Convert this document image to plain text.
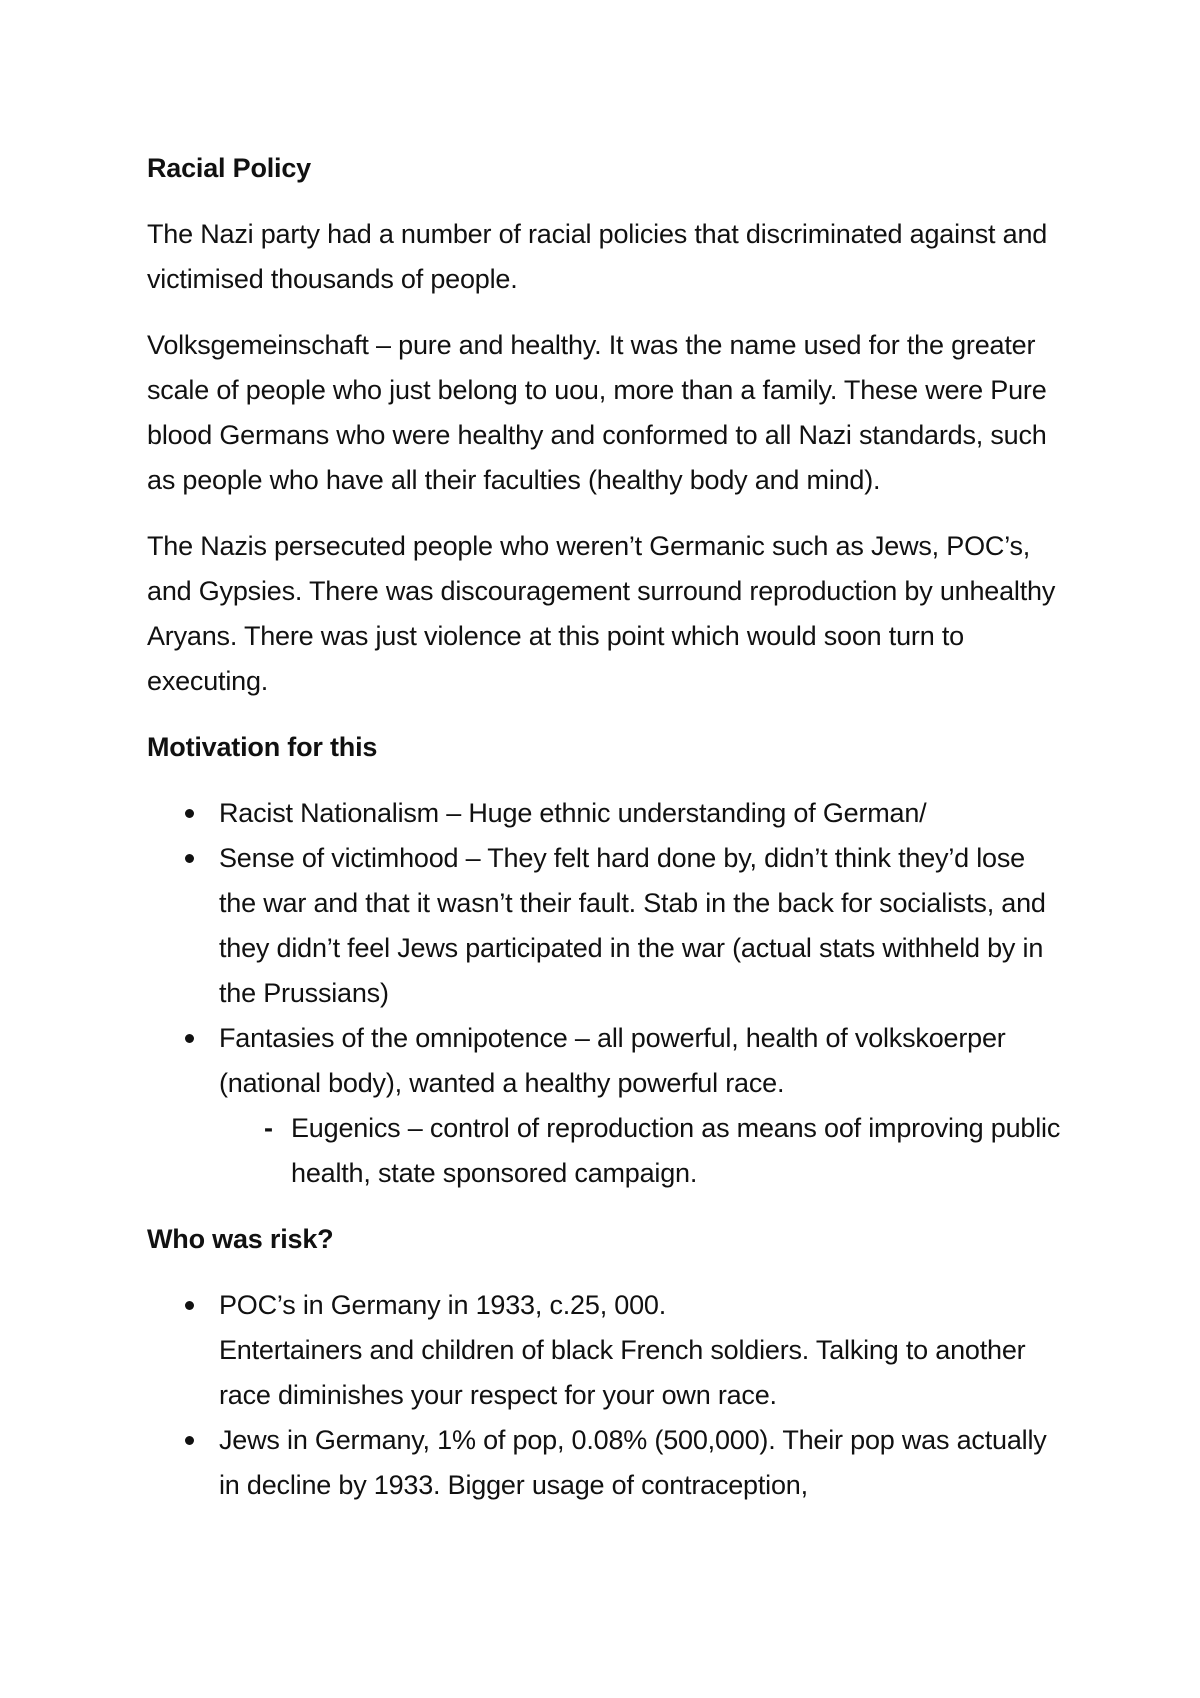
Racial Policy

The Nazi party had a number of racial policies that discriminated against and victimised thousands of people.

Volksgemeinschaft – pure and healthy. It was the name used for the greater scale of people who just belong to uou, more than a family. These were Pure blood Germans who were healthy and conformed to all Nazi standards, such as people who have all their faculties (healthy body and mind).

The Nazis persecuted people who weren’t Germanic such as Jews, POC’s, and Gypsies. There was discouragement surround reproduction by unhealthy Aryans. There was just violence at this point which would soon turn to executing.

Motivation for this
Racist Nationalism – Huge ethnic understanding of German/
Sense of victimhood – They felt hard done by, didn’t think they’d lose the war and that it wasn’t their fault. Stab in the back for socialists, and they didn’t feel Jews participated in the war (actual stats withheld by in the Prussians)
Fantasies of the omnipotence – all powerful, health of volkskoerper (national body), wanted a healthy powerful race.
- Eugenics – control of reproduction as means oof improving public health, state sponsored campaign.
Who was risk?
POC’s in Germany in 1933, c.25, 000.
Entertainers and children of black French soldiers. Talking to another race diminishes your respect for your own race.
Jews in Germany, 1% of pop, 0.08% (500,000). Their pop was actually in decline by 1933. Bigger usage of contraception,
